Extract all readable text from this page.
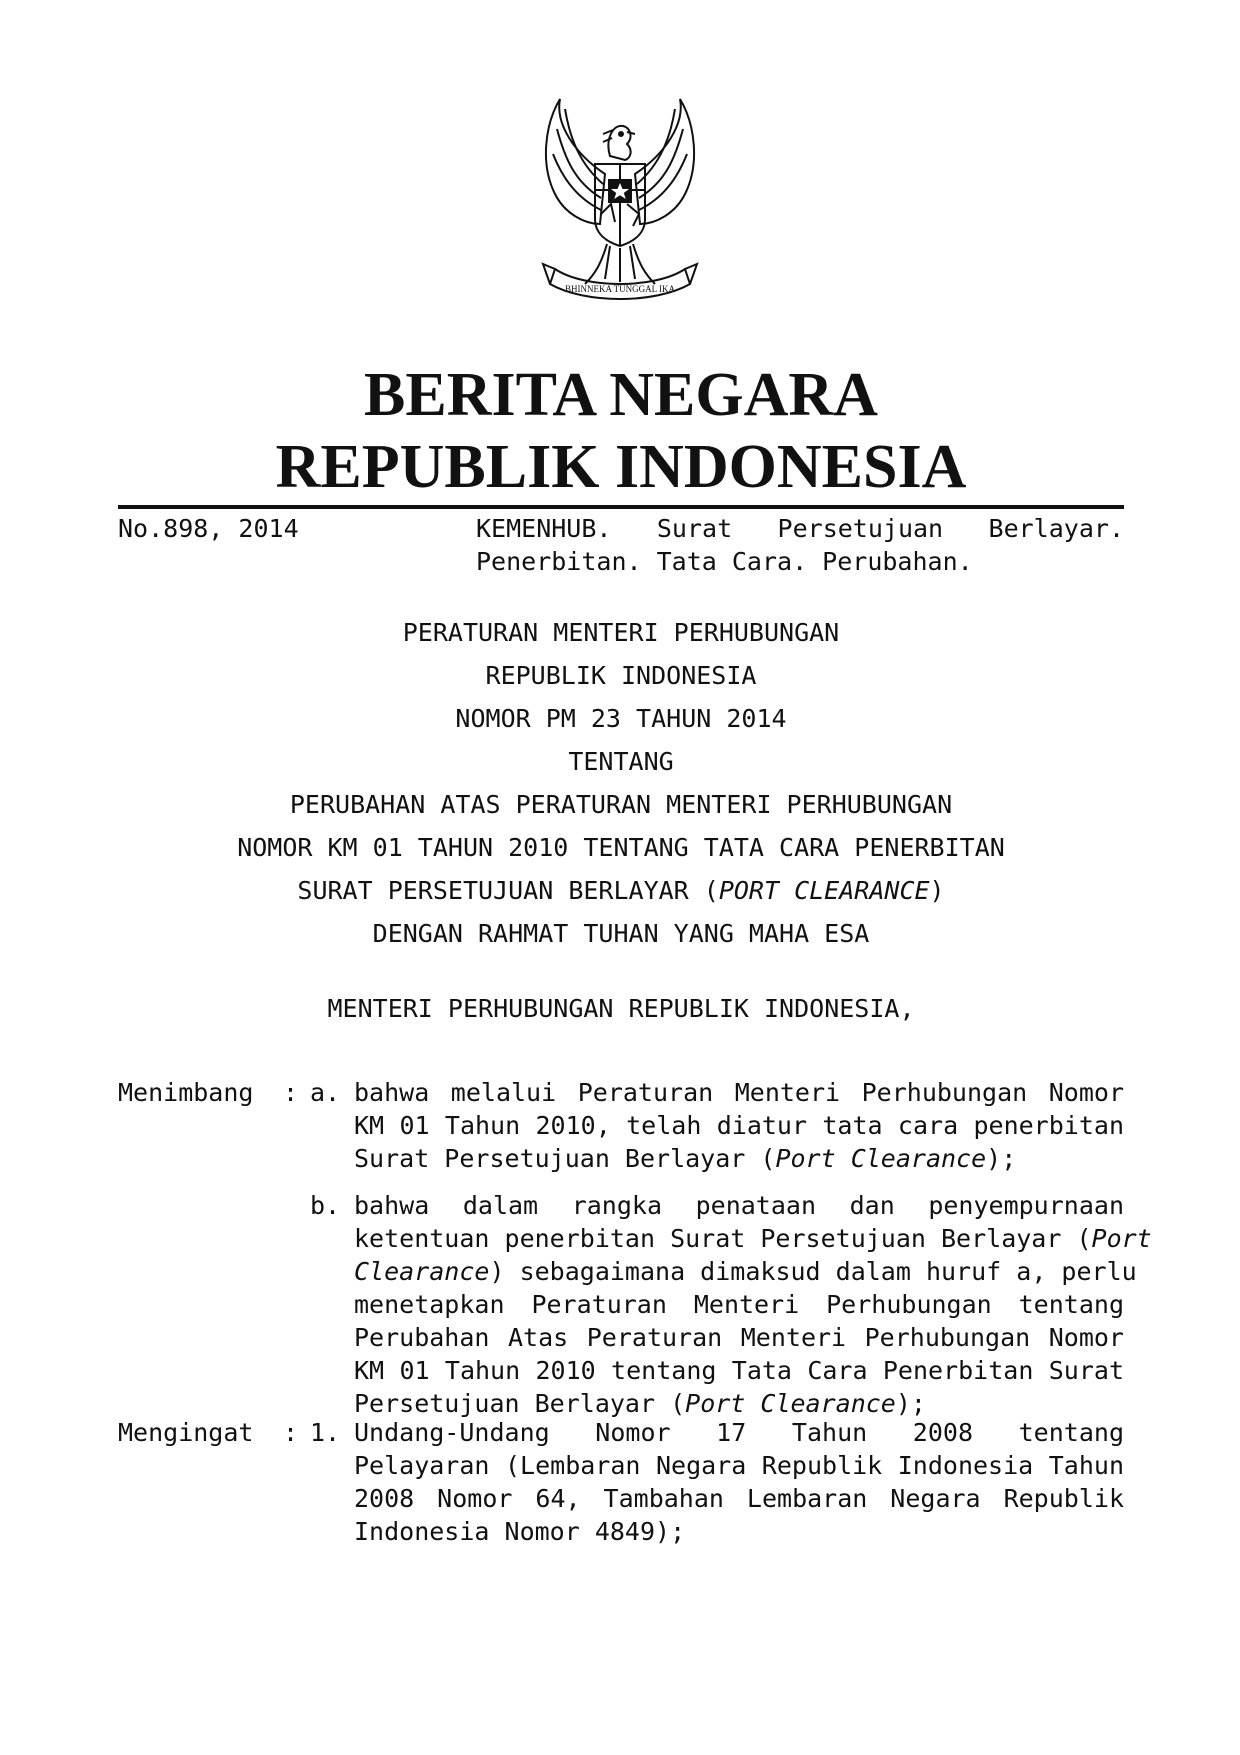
BHINNEKA TUNGGAL IKA
BERITA NEGARA
REPUBLIK INDONESIA
No.898, 2014	KEMENHUB. Surat Persetujuan Berlayar.
Penerbitan. Tata Cara. Perubahan.
PERATURAN MENTERI PERHUBUNGAN
REPUBLIK INDONESIA
NOMOR PM 23 TAHUN 2014
TENTANG
PERUBAHAN ATAS PERATURAN MENTERI PERHUBUNGAN
NOMOR KM 01 TAHUN 2010 TENTANG TATA CARA PENERBITAN
SURAT PERSETUJUAN BERLAYAR (PORT CLEARANCE)
DENGAN RAHMAT TUHAN YANG MAHA ESA
MENTERI PERHUBUNGAN REPUBLIK INDONESIA,
Menimbang : a. bahwa melalui Peraturan Menteri Perhubungan Nomor
KM 01 Tahun 2010, telah diatur tata cara penerbitan
Surat Persetujuan Berlayar (Port Clearance);
b. bahwa dalam rangka penataan dan penyempurnaan
ketentuan penerbitan Surat Persetujuan Berlayar (Port
Clearance) sebagaimana dimaksud dalam huruf a, perlu
menetapkan Peraturan Menteri Perhubungan tentang
Perubahan Atas Peraturan Menteri Perhubungan Nomor
KM 01 Tahun 2010 tentang Tata Cara Penerbitan Surat
Persetujuan Berlayar (Port Clearance);
Mengingat : 1. Undang-Undang Nomor 17 Tahun 2008 tentang
Pelayaran (Lembaran Negara Republik Indonesia Tahun
2008 Nomor 64, Tambahan Lembaran Negara Republik
Indonesia Nomor 4849);
